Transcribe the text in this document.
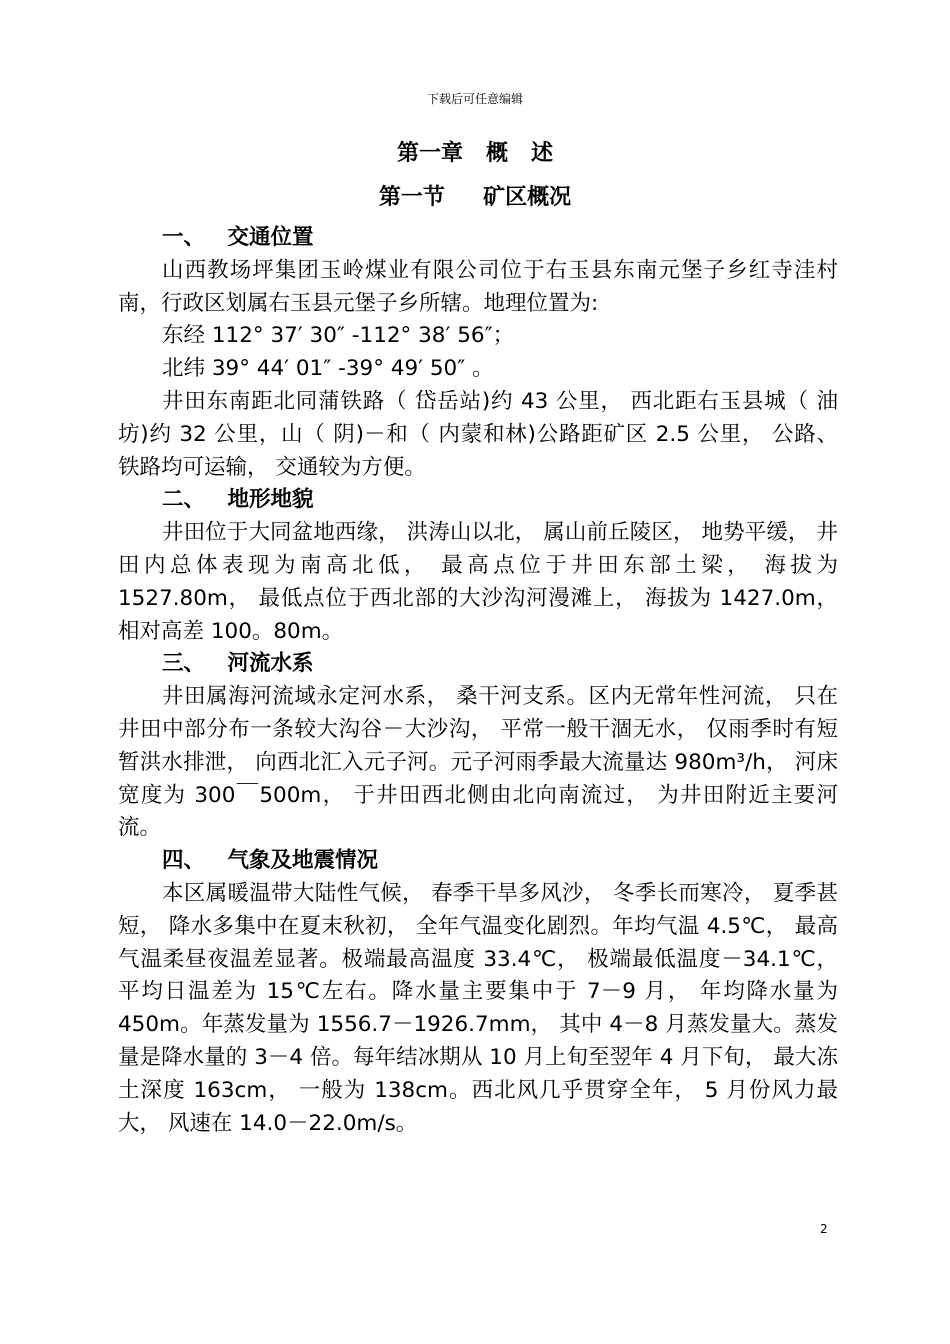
下载后可任意编辑
第一章   概   述
第一节     矿区概况
一、   交通位置
山西教场坪集团玉岭煤业有限公司位于右玉县东南元堡子乡红寺洼村南，行政区划属右玉县元堡子乡所辖。地理位置为:
东经 112° 37′ 30″ -112° 38′ 56″；
北纬 39° 44′ 01″ -39° 49′ 50″ 。
井田东南距北同蒲铁路（ 岱岳站)约 43 公里， 西北距右玉县城（ 油坊)约 32 公里，山（ 阴)－和（ 内蒙和林)公路距矿区 2.5 公里， 公路、 铁路均可运输， 交通较为方便。
二、   地形地貌
井田位于大同盆地西缘， 洪涛山以北， 属山前丘陵区， 地势平缓， 井田内总体表现为南高北低， 最高点位于井田东部土梁， 海拔为 1527.80m， 最低点位于西北部的大沙沟河漫滩上， 海拔为 1427.0m， 相对高差 100。80m。
三、   河流水系
井田属海河流域永定河水系， 桑干河支系。区内无常年性河流， 只在井田中部分布一条较大沟谷－大沙沟， 平常一般干涸无水， 仅雨季时有短暂洪水排泄， 向西北汇入元子河。元子河雨季最大流量达 980m³/h， 河床宽度为 300￣500m， 于井田西北侧由北向南流过， 为井田附近主要河流。
四、   气象及地震情况
本区属暖温带大陆性气候， 春季干旱多风沙， 冬季长而寒冷， 夏季甚短， 降水多集中在夏末秋初， 全年气温变化剧烈。年均气温 4.5℃， 最高气温柔昼夜温差显著。极端最高温度 33.4℃， 极端最低温度－34.1℃， 平均日温差为 15℃左右。降水量主要集中于 7－9 月， 年均降水量为 450m。年蒸发量为 1556.7－1926.7mm， 其中 4－8 月蒸发量大。蒸发量是降水量的 3－4 倍。每年结冰期从 10 月上旬至翌年 4 月下旬， 最大冻土深度 163cm， 一般为 138cm。西北风几乎贯穿全年， 5 月份风力最大， 风速在 14.0－22.0m/s。
2
